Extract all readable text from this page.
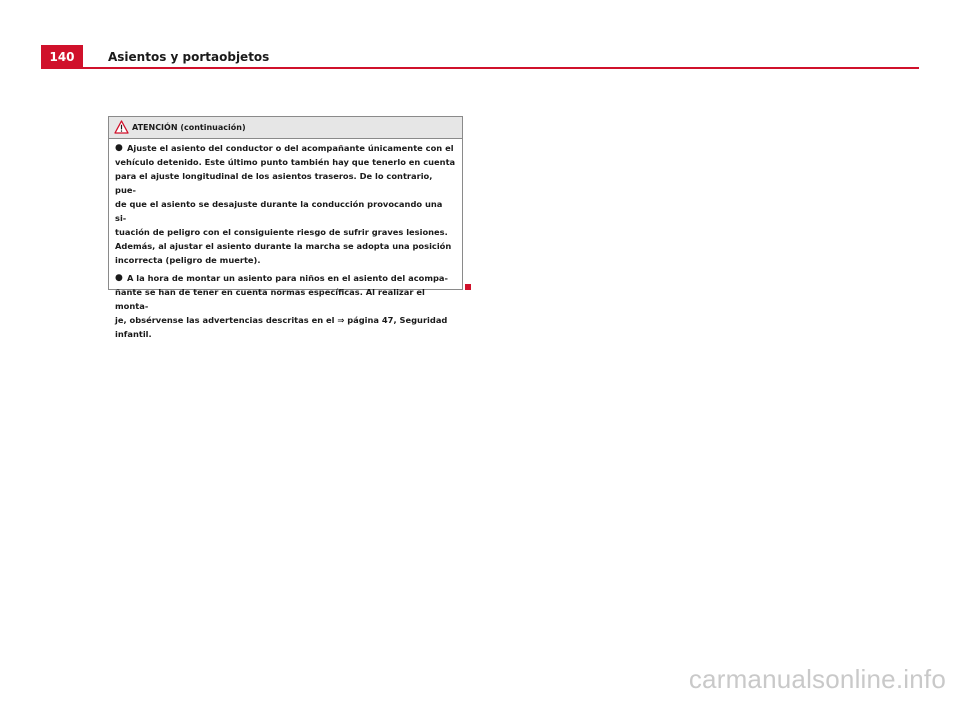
140	Asientos y portaobjetos
ATENCIÓN (continuación)
● Ajuste el asiento del conductor o del acompañante únicamente con el
vehículo detenido. Este último punto también hay que tenerlo en cuenta
para el ajuste longitudinal de los asientos traseros. De lo contrario, pue-
de que el asiento se desajuste durante la conducción provocando una si-
tuación de peligro con el consiguiente riesgo de sufrir graves lesiones.
Además, al ajustar el asiento durante la marcha se adopta una posición
incorrecta (peligro de muerte).
● A la hora de montar un asiento para niños en el asiento del acompa-
ñante se han de tener en cuenta normas específicas. Al realizar el monta-
je, obsérvense las advertencias descritas en el ⇒ página 47, Seguridad
infantil.
carmanualsonline.info
